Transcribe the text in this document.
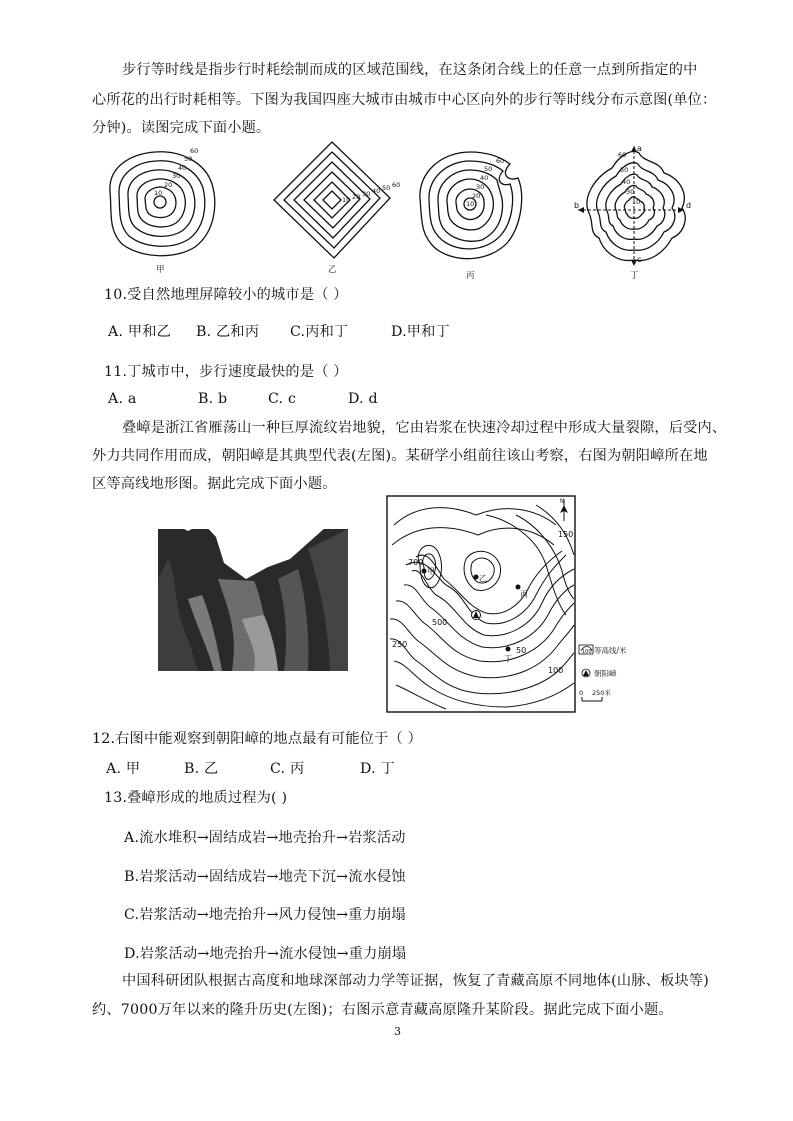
步行等时线是指步行时耗绘制而成的区域范围线，在这条闭合线上的任意一点到所指定的中
心所花的出行时耗相等。下图为我国四座大城市由城市中心区向外的步行等时线分布示意图(单位：
分钟)。读图完成下面小题。
10
20
30
40
50
60
10 20 30 40 50 60
10
20
30
40
50
60
10
30
40
50
60
a
b
c
d
甲	乙
丙	丁
10.受自然地理屏障较小的城市是（ ）
A. 甲和乙 B. 乙和丙 C.丙和丁	D.甲和丁
11.丁城市中，步行速度最快的是（ ）
A. a	B. b	C. c	D. d
叠嶂是浙江省雁荡山一种巨厚流纹岩地貌，它由岩浆在快速冷却过程中形成大量裂隙，后受内、
外力共同作用而成，朝阳嶂是其典型代表(左图)。某研学小组前往该山考察，右图为朝阳嶂所在地
区等高线地形图。据此完成下面小题。
N
700
甲
乙
丙
丁
500
250
150
100
50	100 等高线/米
朝阳嶂
0 250米
12.右图中能观察到朝阳嶂的地点最有可能位于（ ）
A. 甲	B. 乙	C. 丙	D. 丁
13.叠嶂形成的地质过程为( )
A.流水堆积→固结成岩→地壳抬升→岩浆活动
B.岩浆活动→固结成岩→地壳下沉→流水侵蚀
C.岩浆活动→地壳抬升→风力侵蚀→重力崩塌
D.岩浆活动→地壳抬升→流水侵蚀→重力崩塌
中国科研团队根据古高度和地球深部动力学等证据，恢复了青藏高原不同地体(山脉、板块等)
约、7000万年以来的隆升历史(左图)；右图示意青藏高原隆升某阶段。据此完成下面小题。
3
